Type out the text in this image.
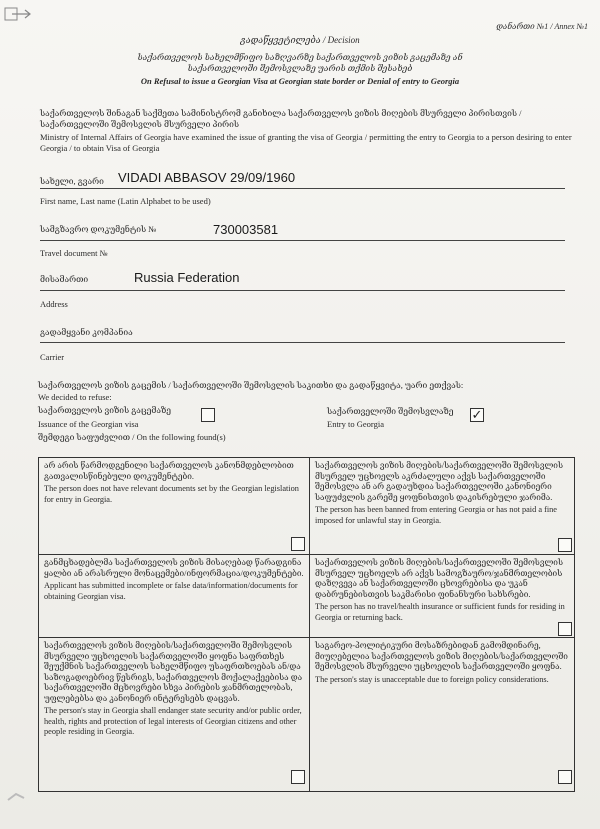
დანართი №1 / Annex №1
გადაწყვეტილება / Decision
საქართველოს სახელმწიფო საზღვარზე საქართველოს ვიზის გაცემაზე ან საქართველოში შემოსვლაზე უარის თქმის შესახებ
On Refusal to issue a Georgian Visa at Georgian state border or Denial of entry to Georgia
საქართველოს შინაგან საქმეთა სამინისტრომ განიხილა საქართველოს ვიზის მიღების მსურველი პირისთვის / საქართველოში შემოსვლის მსურველი პირის
Ministry of Internal Affairs of Georgia have examined the issue of granting the visa of Georgia / permitting the entry to Georgia to a person desiring to enter Georgia / to obtain Visa of Georgia
სახელი, გვარი VIDADI ABBASOV 29/09/1960
First name, Last name (Latin Alphabet to be used)
სამგზავრო დოკუმენტის №	730003581
Travel document №
მისამართი	Russia Federation
Address
გადამყვანი კომპანია
Carrier
საქართველოს ვიზის გაცემის / საქართველოში შემოსვლის საკითხი და გადაწყვიტა, უარი ეთქვას:
We decided to refuse:
საქართველოს ვიზის გაცემაზე
Issuance of the Georgian visa
საქართველოში შემოსვლაზე
Entry to Georgia
✓
შემდეგი საფუძვლით / On the following found(s)
არ არის წარმოდგენილი საქართველოს კანონმდებლობით გათვალისწინებული დოკუმენტები.
The person does not have relevant documents set by the Georgian legislation for entry in Georgia.
საქართველოს ვიზის მიღების/საქართველოში შემოსვლის მსურველ უცხოელს აკრძალული აქვს საქართველოში შემოსვლა ან არ გადაუხდია საქართველოში კანონიერი საფუძვლის გარეშე ყოფნისთვის დაკისრებული ჯარიმა.
The person has been banned from entering Georgia or has not paid a fine imposed for unlawful stay in Georgia.
განმცხადებლმა საქართველოს ვიზის მისაღებად წარადგინა ყალბი ან არასრული მონაცემები/ინფორმაცია/დოკუმენტები.
Applicant has submitted incomplete or false data/information/documents for obtaining Georgian visa.
საქართველოს ვიზის მიღების/საქართველოში შემოსვლის მსურველ უცხოელს არ აქვს სამოგზაურო/ჯანმრთელობის დაზღვევა ან საქართველოში ცხოვრებისა და უკან დაბრუნებისთვის საკმარისი ფინანსური სახსრები.
The person has no travel/health insurance or sufficient funds for residing in Georgia or returning back.
საქართველოს ვიზის მიღების/საქართველოში შემოსვლის მსურველი უცხოელის საქართველოში ყოფნა საფრთხეს შეუქმნის საქართველოს სახელმწიფო უსაფრთხოებას ან/და საზოგადოებრივ წესრიგს, საქართველოს მოქალაქეებისა და საქართველოში მცხოვრები სხვა პირების ჯანმრთელობას, უფლებებსა და კანონიერ ინტერესებს დაცვას.
The person's stay in Georgia shall endanger state security and/or public order, health, rights and protection of legal interests of Georgian citizens and other people residing in Georgia.
საგარეო-პოლიტიკური მოსაზრებიდან გამომდინარე, მიუღებელია საქართველოს ვიზის მიღების/საქართველოში შემოსვლის მსურველი უცხოელის საქართველოში ყოფნა.
The person's stay is unacceptable due to foreign policy considerations.
